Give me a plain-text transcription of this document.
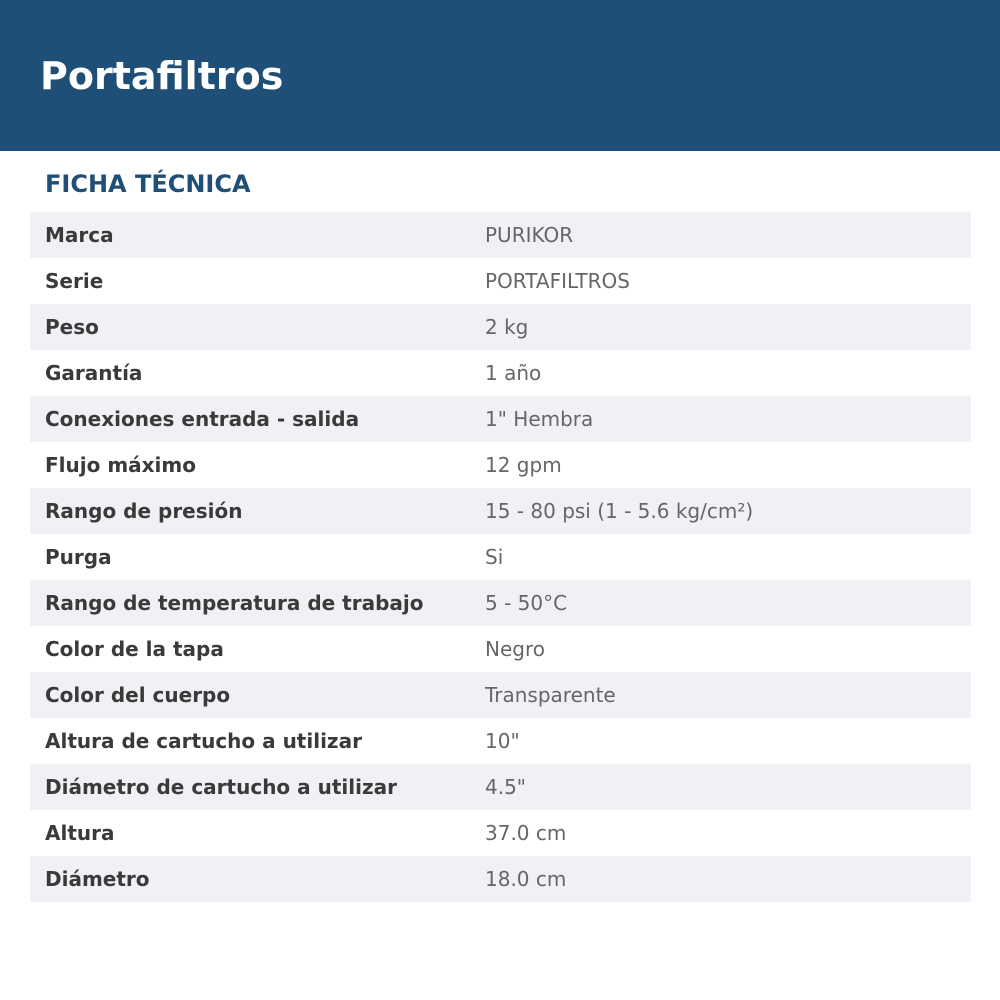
Portafiltros
FICHA TÉCNICA
Marca	PURIKOR
Serie	PORTAFILTROS
Peso	2 kg
Garantía	1 año
Conexiones entrada - salida	1" Hembra
Flujo máximo	12 gpm
Rango de presión	15 - 80 psi (1 - 5.6 kg/cm²)
Purga	Si
Rango de temperatura de trabajo	5 - 50°C
Color de la tapa	Negro
Color del cuerpo	Transparente
Altura de cartucho a utilizar	10"
Diámetro de cartucho a utilizar	4.5"
Altura	37.0 cm
Diámetro	18.0 cm
